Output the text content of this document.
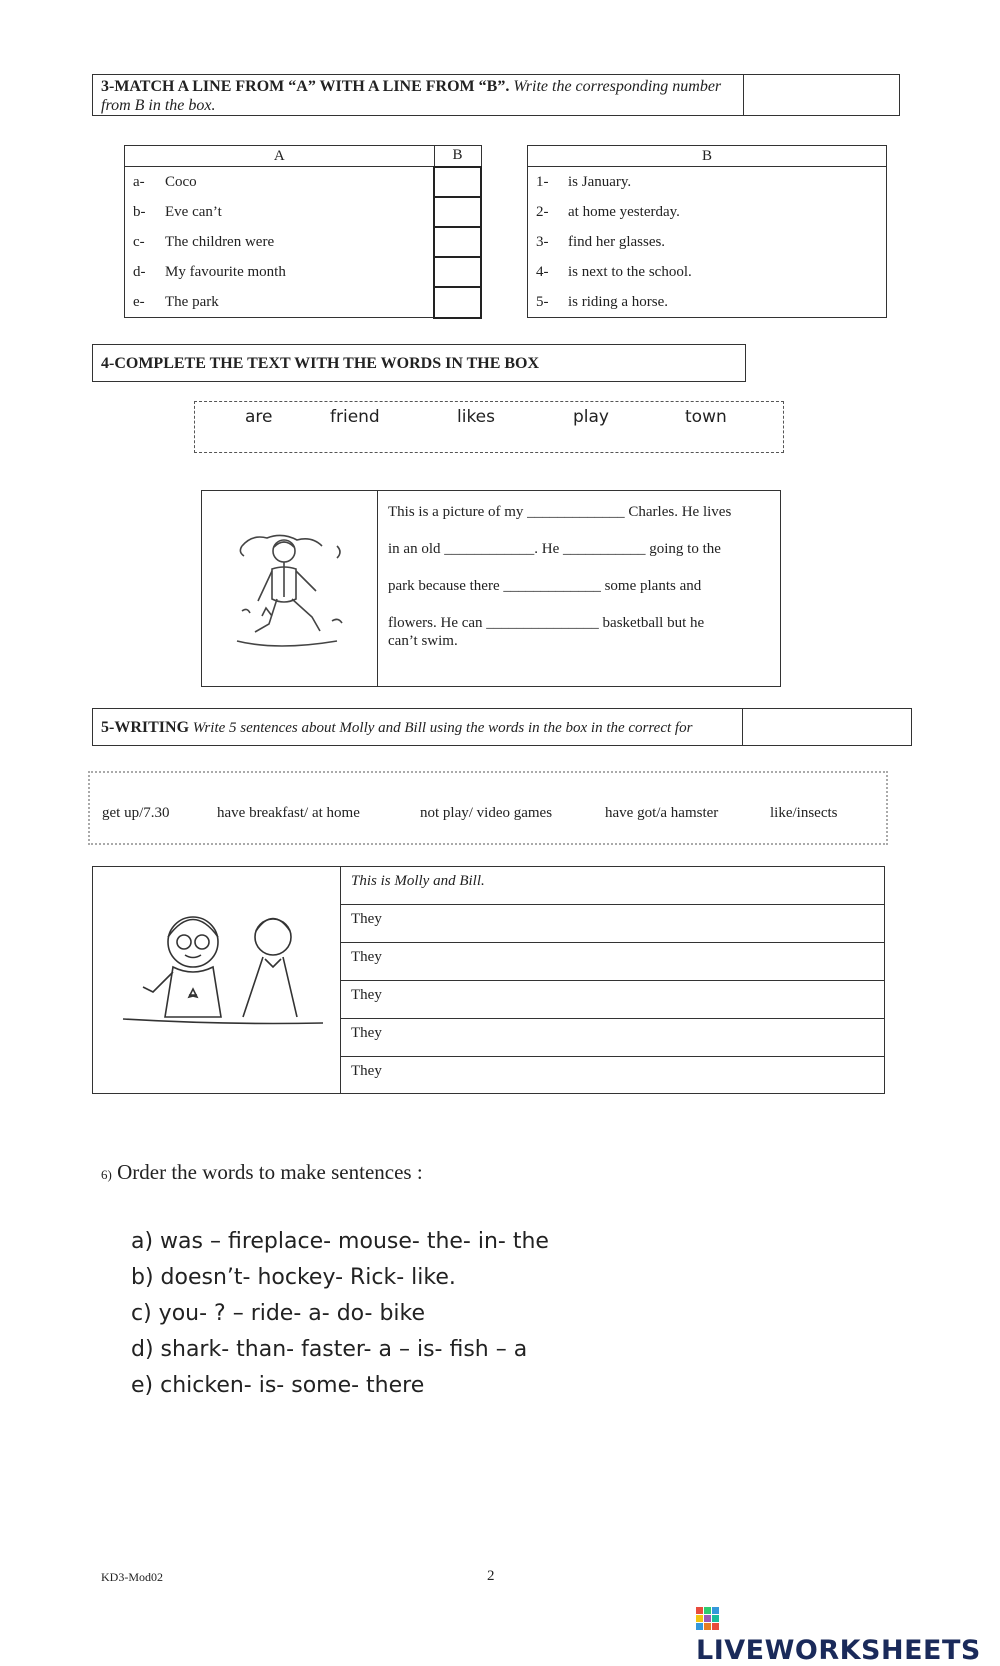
3-MATCH A LINE FROM “A” WITH A LINE FROM “B”. Write the corresponding number from B in the box.
A		B
a-	Coco	
b-	Eve can’t	
c-	The children were	
d-	My favourite month	
e-	The park	
B	
1-	is January.
2-	at home yesterday.
3-	find her glasses.
4-	is next to the school.
5-	is riding a horse.
4-COMPLETE THE TEXT WITH THE WORDS IN THE BOX
are	friend	likes	play	town
This is a picture of my _____________ Charles. He lives
in an old ____________. He ___________ going to the
park because there _____________ some plants and
flowers. He can _______________ basketball but he
can’t swim.
5-WRITING Write 5 sentences about Molly and Bill using the words in the box in the correct for
get up/7.30	have breakfast/ at home	not play/ video games	have got/a hamster	like/insects
This is Molly and Bill.
They
They
They
They
They
6) Order the words to make sentences :
a) was – fireplace- mouse- the- in- the
b) doesn’t- hockey- Rick- like.
c) you- ? – ride- a- do- bike
d) shark- than- faster- a – is- fish – a
e) chicken- is- some- there
KD3-Mod02	2
LIVEWORKSHEETS
